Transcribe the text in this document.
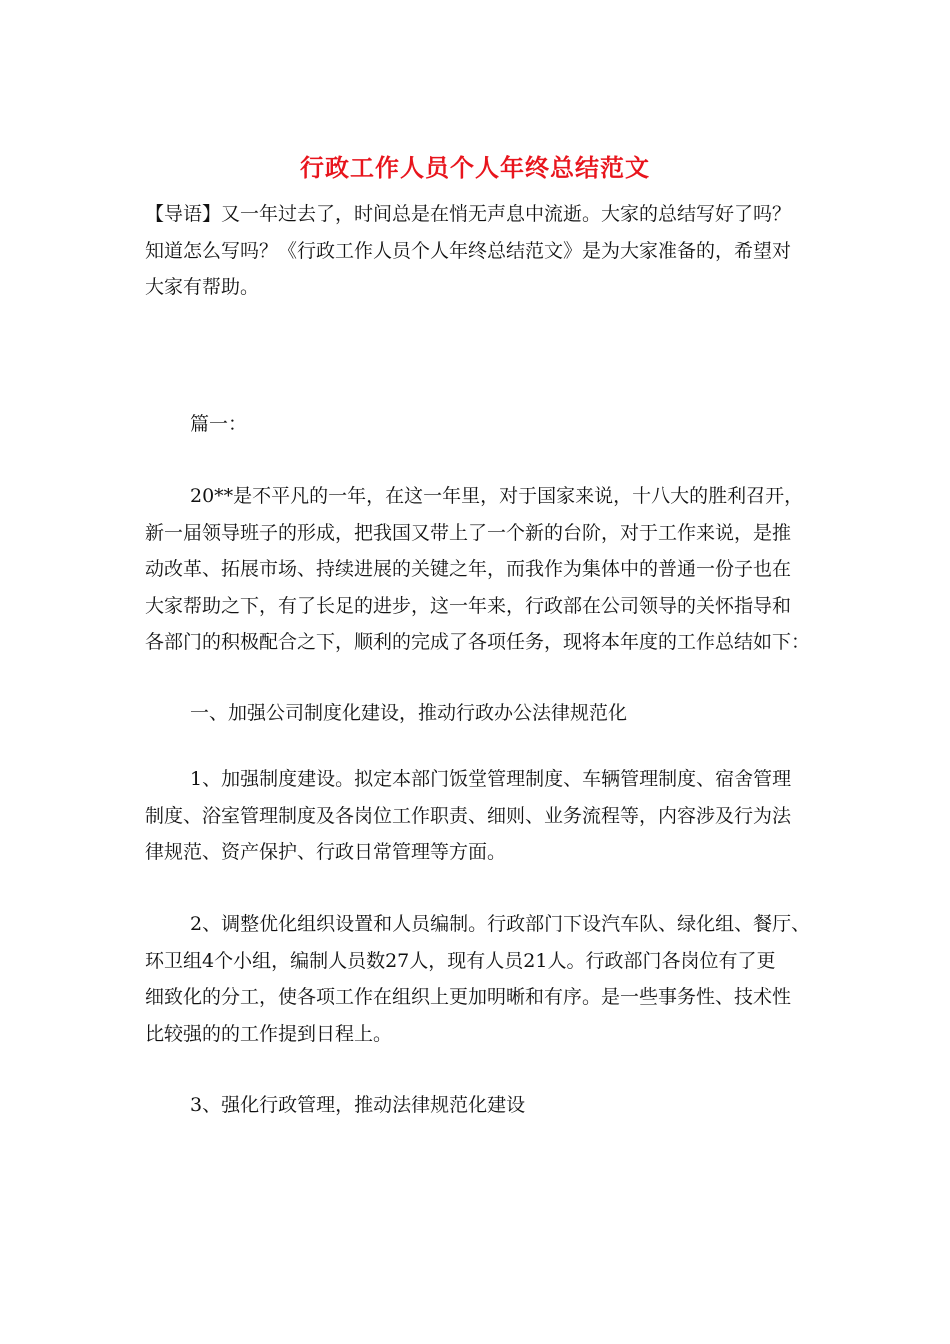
行政工作人员个人年终总结范文

【导语】又一年过去了，时间总是在悄无声息中流逝。大家的总结写好了吗？
知道怎么写吗？《行政工作人员个人年终总结范文》是为大家准备的，希望对
大家有帮助。

篇一：

20**是不平凡的一年，在这一年里，对于国家来说，十八大的胜利召开，
新一届领导班子的形成，把我国又带上了一个新的台阶，对于工作来说，是推
动改革、拓展市场、持续进展的关键之年，而我作为集体中的普通一份子也在
大家帮助之下，有了长足的进步，这一年来，行政部在公司领导的关怀指导和
各部门的积极配合之下，顺利的完成了各项任务，现将本年度的工作总结如下：

一、加强公司制度化建设，推动行政办公法律规范化

1、加强制度建设。拟定本部门饭堂管理制度、车辆管理制度、宿舍管理
制度、浴室管理制度及各岗位工作职责、细则、业务流程等，内容涉及行为法
律规范、资产保护、行政日常管理等方面。

2、调整优化组织设置和人员编制。行政部门下设汽车队、绿化组、餐厅、
环卫组4个小组，编制人员数27人，现有人员21人。行政部门各岗位有了更
细致化的分工，使各项工作在组织上更加明晰和有序。是一些事务性、技术性
比较强的的工作提到日程上。

3、强化行政管理，推动法律规范化建设
